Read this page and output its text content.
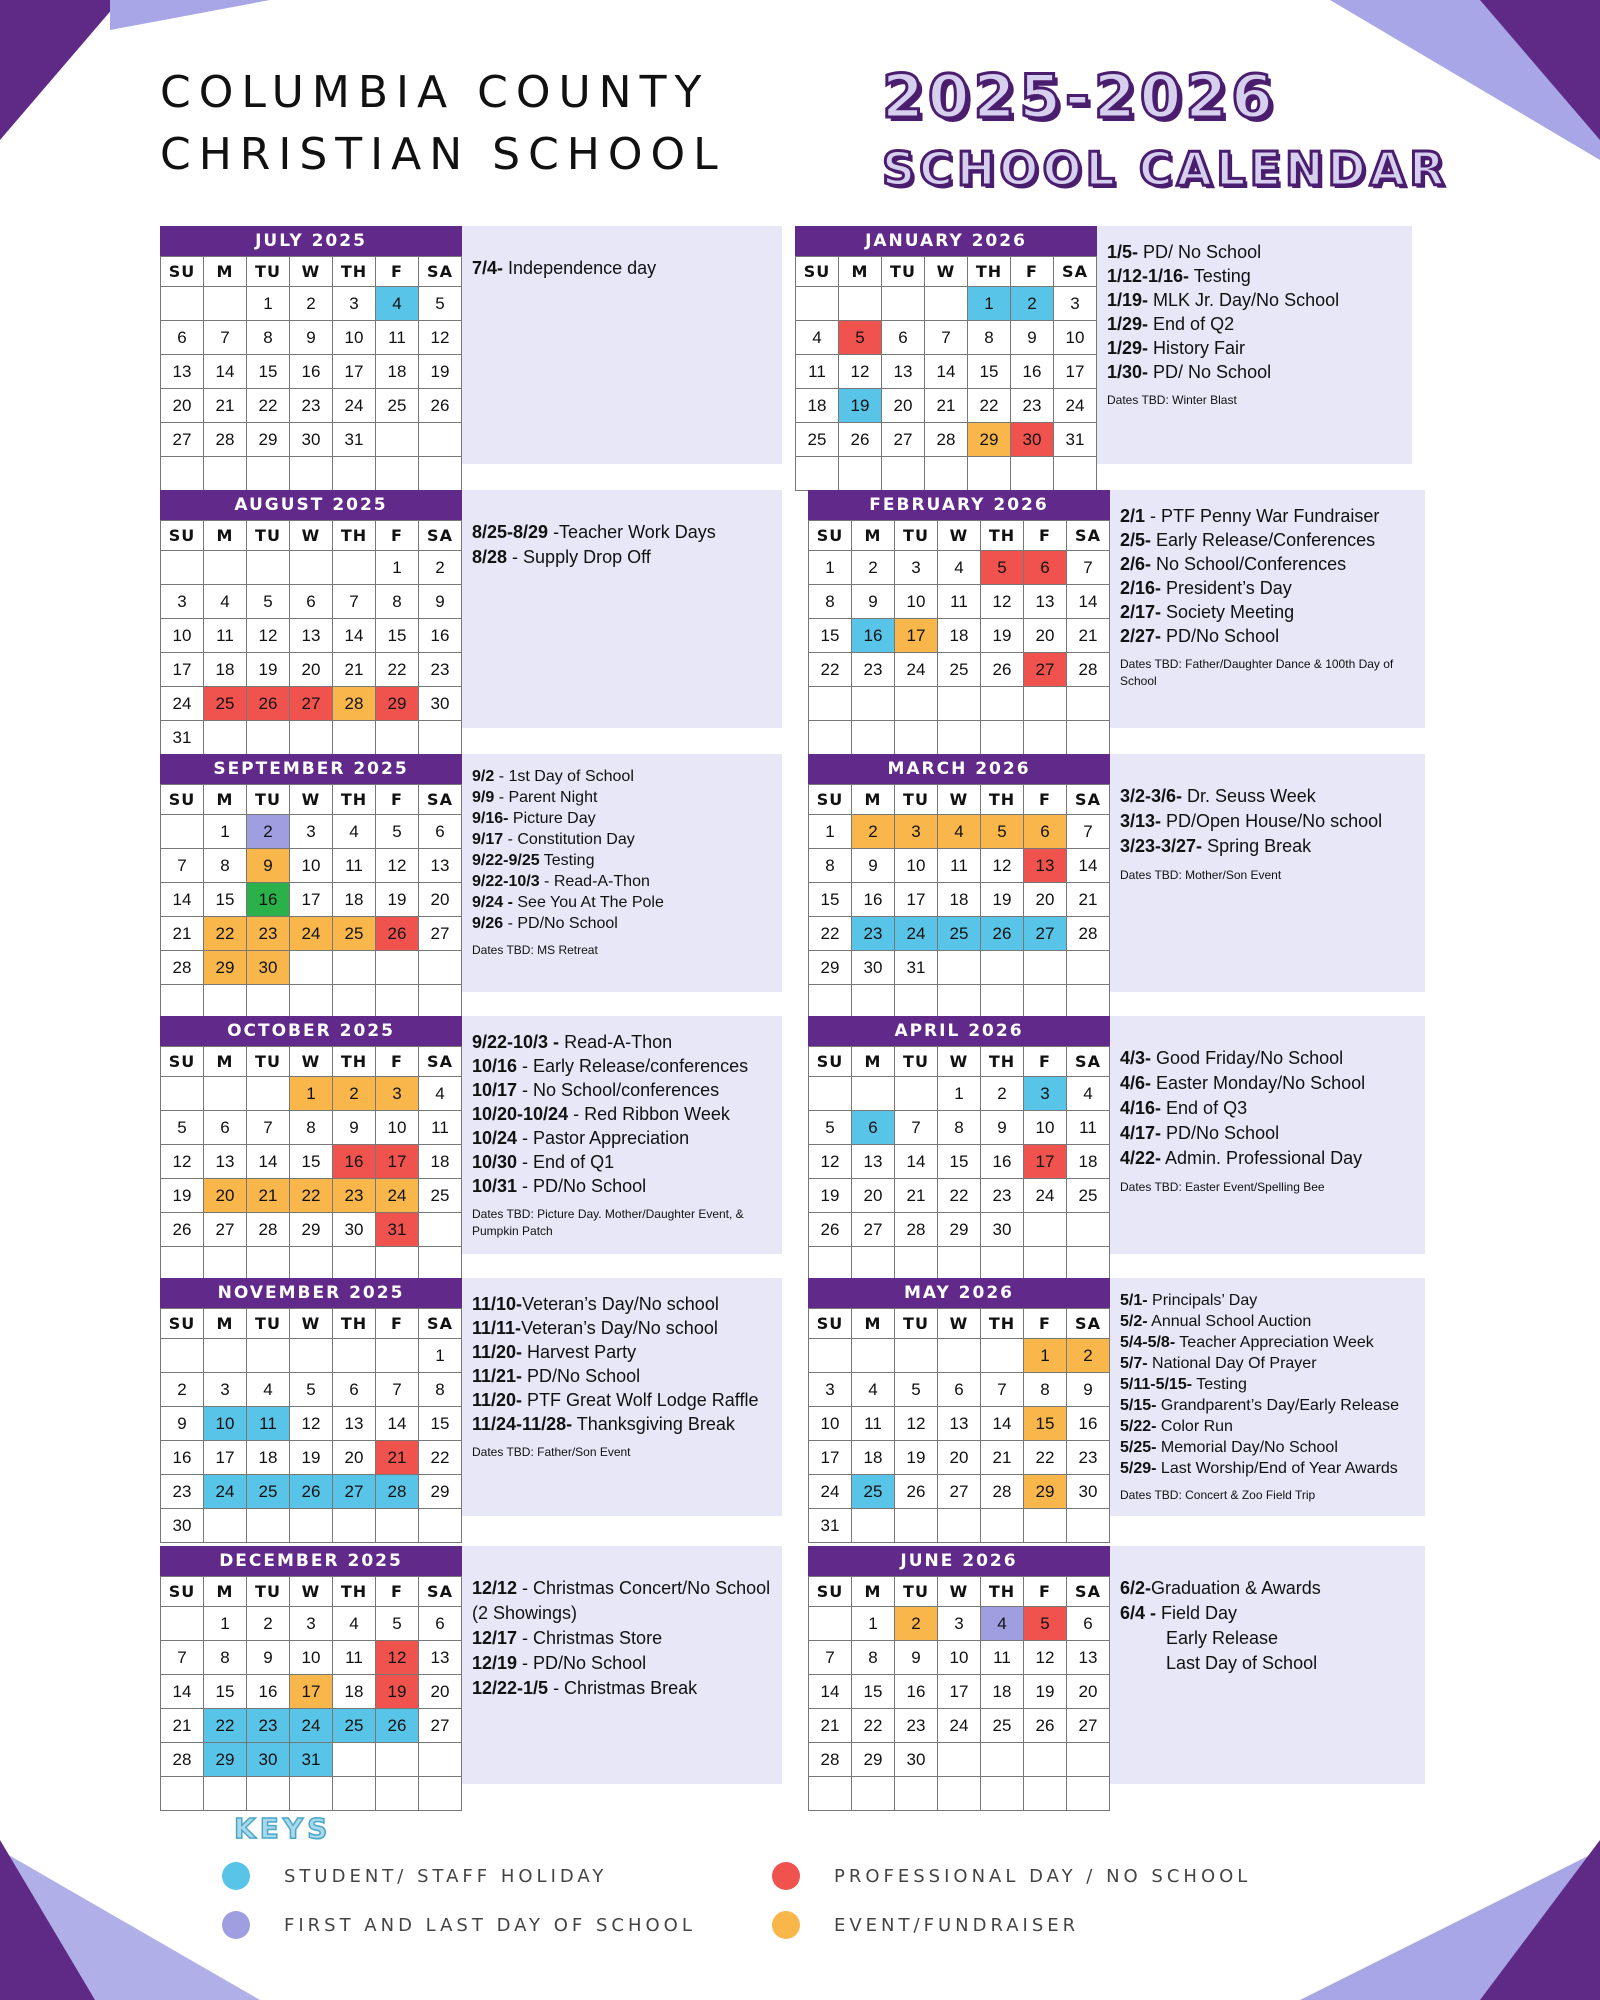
COLUMBIA COUNTY
CHRISTIAN SCHOOL
2025-2026
SCHOOL CALENDAR
JULY 2025
SU	M	TU	W	TH	F	SA
		1	2	3	4	5
6	7	8	9	10	11	12
13	14	15	16	17	18	19
20	21	22	23	24	25	26
27	28	29	30	31		

7/4- Independence day
AUGUST 2025
SU	M	TU	W	TH	F	SA
					1	2
3	4	5	6	7	8	9
10	11	12	13	14	15	16
17	18	19	20	21	22	23
24	25	26	27	28	29	30
31						
8/25-8/29 -Teacher Work Days
8/28 - Supply Drop Off
SEPTEMBER 2025
SU	M	TU	W	TH	F	SA
	1	2	3	4	5	6
7	8	9	10	11	12	13
14	15	16	17	18	19	20
21	22	23	24	25	26	27
28	29	30				

9/2 - 1st Day of School
9/9 - Parent Night
9/16- Picture Day
9/17 - Constitution Day
9/22-9/25 Testing
9/22-10/3 - Read-A-Thon
9/24 - See You At The Pole
9/26 - PD/No School
Dates TBD: MS Retreat
OCTOBER 2025
SU	M	TU	W	TH	F	SA
			1	2	3	4
5	6	7	8	9	10	11
12	13	14	15	16	17	18
19	20	21	22	23	24	25
26	27	28	29	30	31	

9/22-10/3 - Read-A-Thon
10/16 - Early Release/conferences
10/17 - No School/conferences
10/20-10/24 - Red Ribbon Week
10/24 - Pastor Appreciation
10/30 - End of Q1
10/31 - PD/No School
Dates TBD: Picture Day. Mother/Daughter Event, & Pumpkin Patch
NOVEMBER 2025
SU	M	TU	W	TH	F	SA
						1
2	3	4	5	6	7	8
9	10	11	12	13	14	15
16	17	18	19	20	21	22
23	24	25	26	27	28	29
30						
11/10-Veteran’s Day/No school
11/11-Veteran’s Day/No school
11/20- Harvest Party
11/21- PD/No School
11/20- PTF Great Wolf Lodge Raffle
11/24-11/28- Thanksgiving Break
Dates TBD: Father/Son Event
DECEMBER 2025
SU	M	TU	W	TH	F	SA
	1	2	3	4	5	6
7	8	9	10	11	12	13
14	15	16	17	18	19	20
21	22	23	24	25	26	27
28	29	30	31			

12/12 - Christmas Concert/No School (2 Showings)
12/17 - Christmas Store
12/19 - PD/No School
12/22-1/5 - Christmas Break
JANUARY 2026
SU	M	TU	W	TH	F	SA
				1	2	3
4	5	6	7	8	9	10
11	12	13	14	15	16	17
18	19	20	21	22	23	24
25	26	27	28	29	30	31

1/5- PD/ No School
1/12-1/16- Testing
1/19- MLK Jr. Day/No School
1/29- End of Q2
1/29- History Fair
1/30- PD/ No School
Dates TBD: Winter Blast
FEBRUARY 2026
SU	M	TU	W	TH	F	SA
1	2	3	4	5	6	7
8	9	10	11	12	13	14
15	16	17	18	19	20	21
22	23	24	25	26	27	28

2/1 - PTF Penny War Fundraiser
2/5- Early Release/Conferences
2/6- No School/Conferences
2/16- President’s Day
2/17- Society Meeting
2/27- PD/No School
Dates TBD: Father/Daughter Dance & 100th Day of School
MARCH 2026
SU	M	TU	W	TH	F	SA
1	2	3	4	5	6	7
8	9	10	11	12	13	14
15	16	17	18	19	20	21
22	23	24	25	26	27	28
29	30	31				

3/2-3/6- Dr. Seuss Week
3/13- PD/Open House/No school
3/23-3/27- Spring Break
Dates TBD: Mother/Son Event
APRIL 2026
SU	M	TU	W	TH	F	SA
			1	2	3	4
5	6	7	8	9	10	11
12	13	14	15	16	17	18
19	20	21	22	23	24	25
26	27	28	29	30		

4/3- Good Friday/No School
4/6- Easter Monday/No School
4/16- End of Q3
4/17- PD/No School
4/22- Admin. Professional Day
Dates TBD: Easter Event/Spelling Bee
MAY 2026
SU	M	TU	W	TH	F	SA
					1	2
3	4	5	6	7	8	9
10	11	12	13	14	15	16
17	18	19	20	21	22	23
24	25	26	27	28	29	30
31						
5/1- Principals’ Day
5/2- Annual School Auction
5/4-5/8- Teacher Appreciation Week
5/7- National Day Of Prayer
5/11-5/15- Testing
5/15- Grandparent’s Day/Early Release
5/22- Color Run
5/25- Memorial Day/No School
5/29- Last Worship/End of Year Awards
Dates TBD: Concert & Zoo Field Trip
JUNE 2026
SU	M	TU	W	TH	F	SA
	1	2	3	4	5	6
7	8	9	10	11	12	13
14	15	16	17	18	19	20
21	22	23	24	25	26	27
28	29	30				

6/2-Graduation & Awards
6/4 - Field Day
Early Release
Last Day of School
KEYS
STUDENT/ STAFF HOLIDAY
FIRST AND LAST DAY OF SCHOOL
PROFESSIONAL DAY / NO SCHOOL
EVENT/FUNDRAISER
